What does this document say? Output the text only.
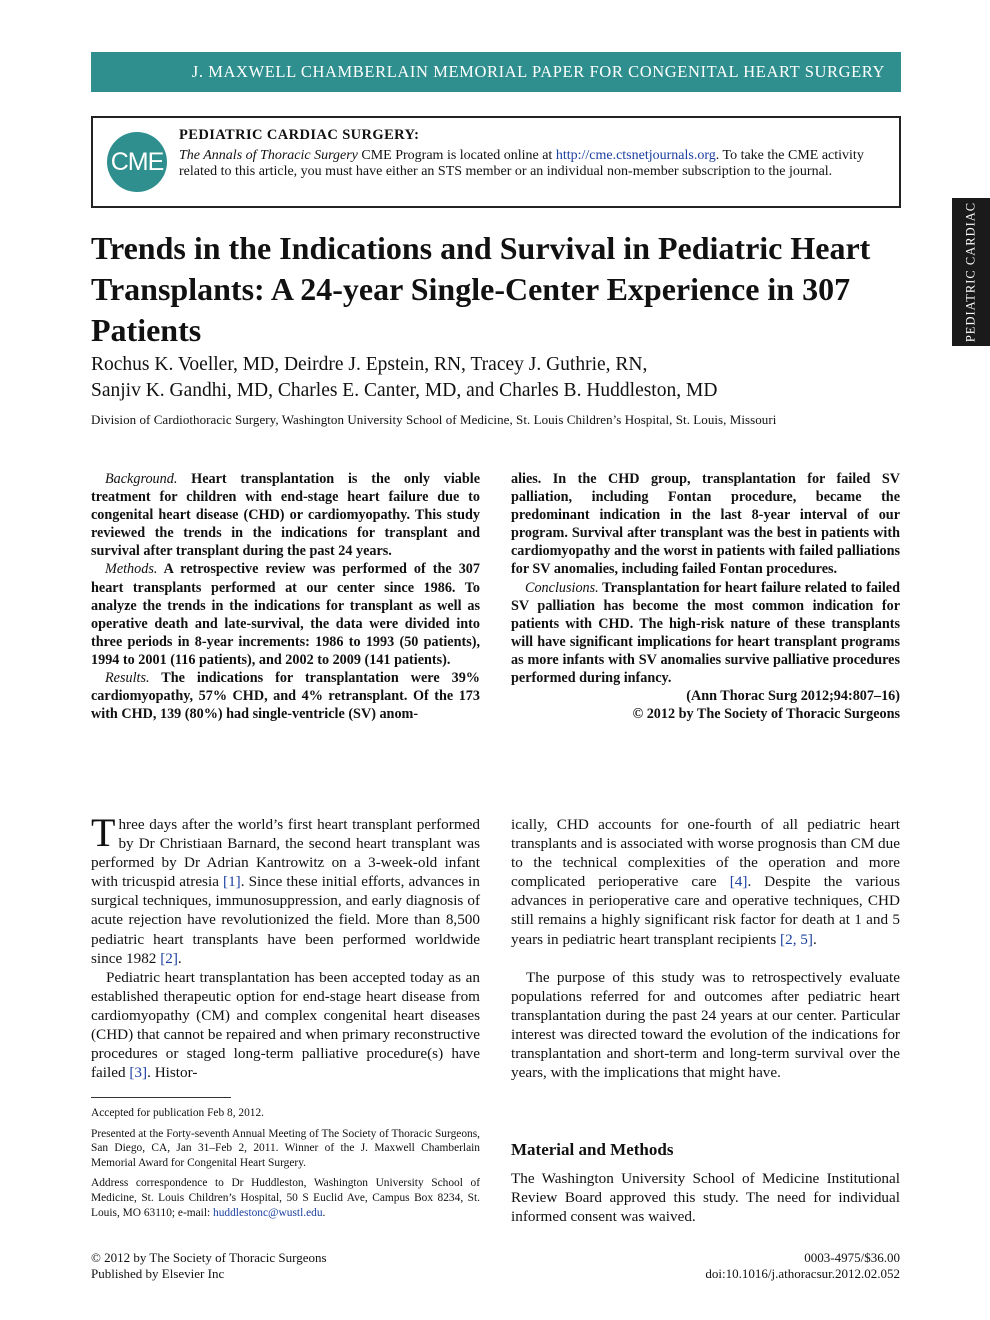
J. MAXWELL CHAMBERLAIN MEMORIAL PAPER FOR CONGENITAL HEART SURGERY
CME
PEDIATRIC CARDIAC SURGERY:
The Annals of Thoracic Surgery CME Program is located online at http://cme.ctsnetjournals.org. To take the CME activity related to this article, you must have either an STS member or an individual non-member subscription to the journal.
PEDIATRIC CARDIAC
Trends in the Indications and Survival in Pediatric Heart Transplants: A 24-year Single-Center Experience in 307 Patients
Rochus K. Voeller, MD, Deirdre J. Epstein, RN, Tracey J. Guthrie, RN,
Sanjiv K. Gandhi, MD, Charles E. Canter, MD, and Charles B. Huddleston, MD
Division of Cardiothoracic Surgery, Washington University School of Medicine, St. Louis Children’s Hospital, St. Louis, Missouri

Background. Heart transplantation is the only viable treatment for children with end-stage heart failure due to congenital heart disease (CHD) or cardiomyopathy. This study reviewed the trends in the indications for transplant and survival after transplant during the past 24 years.

Methods. A retrospective review was performed of the 307 heart transplants performed at our center since 1986. To analyze the trends in the indications for transplant as well as operative death and late-survival, the data were divided into three periods in 8-year increments: 1986 to 1993 (50 patients), 1994 to 2001 (116 patients), and 2002 to 2009 (141 patients).

Results. The indications for transplantation were 39% cardiomyopathy, 57% CHD, and 4% retransplant. Of the 173 with CHD, 139 (80%) had single-ventricle (SV) anom-

alies. In the CHD group, transplantation for failed SV palliation, including Fontan procedure, became the predominant indication in the last 8-year interval of our program. Survival after transplant was the best in patients with cardiomyopathy and the worst in patients with failed palliations for SV anomalies, including failed Fontan procedures.

Conclusions. Transplantation for heart failure related to failed SV palliation has become the most common indication for patients with CHD. The high-risk nature of these transplants will have significant implications for heart transplant programs as more infants with SV anomalies survive palliative procedures performed during infancy.

(Ann Thorac Surg 2012;94:807–16)

© 2012 by The Society of Thoracic Surgeons

Three days after the world’s first heart transplant performed by Dr Christiaan Barnard, the second heart transplant was performed by Dr Adrian Kantrowitz on a 3-week-old infant with tricuspid atresia [1]. Since these initial efforts, advances in surgical techniques, immunosuppression, and early diagnosis of acute rejection have revolutionized the field. More than 8,500 pediatric heart transplants have been performed worldwide since 1982 [2].

Pediatric heart transplantation has been accepted today as an established therapeutic option for end-stage heart disease from cardiomyopathy (CM) and complex congenital heart diseases (CHD) that cannot be repaired and when primary reconstructive procedures or staged long-term palliative procedure(s) have failed [3]. Histor-

ically, CHD accounts for one-fourth of all pediatric heart transplants and is associated with worse prognosis than CM due to the technical complexities of the operation and more complicated perioperative care [4]. Despite the various advances in perioperative care and operative techniques, CHD still remains a highly significant risk factor for death at 1 and 5 years in pediatric heart transplant recipients [2, 5].

The purpose of this study was to retrospectively evaluate populations referred for and outcomes after pediatric heart transplantation during the past 24 years at our center. Particular interest was directed toward the evolution of the indications for transplantation and short-term and long-term survival over the years, with the implications that might have.

Material and Methods

The Washington University School of Medicine Institutional Review Board approved this study. The need for individual informed consent was waived.

Accepted for publication Feb 8, 2012.

Presented at the Forty-seventh Annual Meeting of The Society of Thoracic Surgeons, San Diego, CA, Jan 31–Feb 2, 2011. Winner of the J. Maxwell Chamberlain Memorial Award for Congenital Heart Surgery.

Address correspondence to Dr Huddleston, Washington University School of Medicine, St. Louis Children’s Hospital, 50 S Euclid Ave, Campus Box 8234, St. Louis, MO 63110; e-mail: huddlestonc@wustl.edu.

© 2012 by The Society of Thoracic Surgeons
Published by Elsevier Inc
0003-4975/$36.00
doi:10.1016/j.athoracsur.2012.02.052
